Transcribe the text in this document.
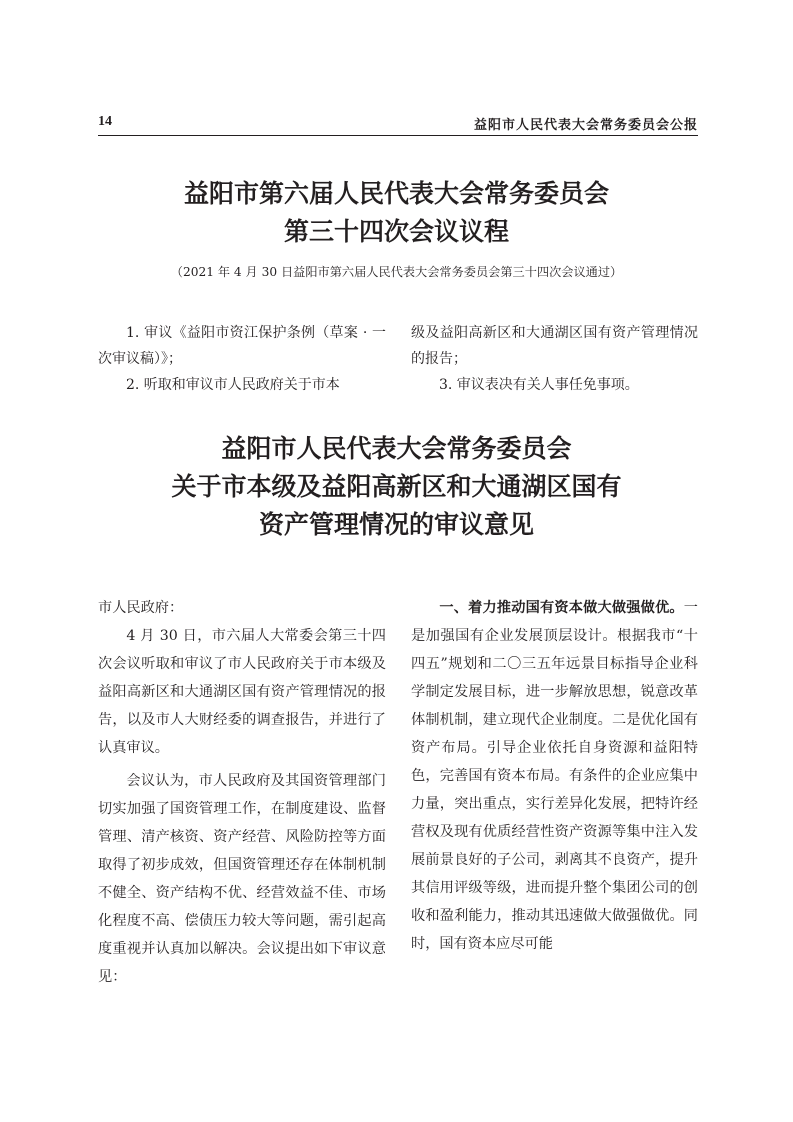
14	益阳市人民代表大会常务委员会公报
益阳市第六届人民代表大会常务委员会
第三十四次会议议程
（2021 年 4 月 30 日益阳市第六届人民代表大会常务委员会第三十四次会议通过）

1. 审议《益阳市资江保护条例（草案 · 一次审议稿）》；

2. 听取和审议市人民政府关于市本

级及益阳高新区和大通湖区国有资产管理情况的报告；

3. 审议表决有关人事任免事项。

益阳市人民代表大会常务委员会
关于市本级及益阳高新区和大通湖区国有
资产管理情况的审议意见

市人民政府：

4 月 30 日，市六届人大常委会第三十四次会议听取和审议了市人民政府关于市本级及益阳高新区和大通湖区国有资产管理情况的报告，以及市人大财经委的调查报告，并进行了认真审议。

会议认为，市人民政府及其国资管理部门切实加强了国资管理工作，在制度建设、监督管理、清产核资、资产经营、风险防控等方面取得了初步成效，但国资管理还存在体制机制不健全、资产结构不优、经营效益不佳、市场化程度不高、偿债压力较大等问题，需引起高度重视并认真加以解决。会议提出如下审议意见：

一、着力推动国有资本做大做强做优。一是加强国有企业发展顶层设计。根据我市“十四五”规划和二〇三五年远景目标指导企业科学制定发展目标，进一步解放思想，锐意改革体制机制，建立现代企业制度。二是优化国有资产布局。引导企业依托自身资源和益阳特色，完善国有资本布局。有条件的企业应集中力量，突出重点，实行差异化发展，把特许经营权及现有优质经营性资产资源等集中注入发展前景良好的子公司，剥离其不良资产，提升其信用评级等级，进而提升整个集团公司的创收和盈利能力，推动其迅速做大做强做优。同时，国有资本应尽可能
